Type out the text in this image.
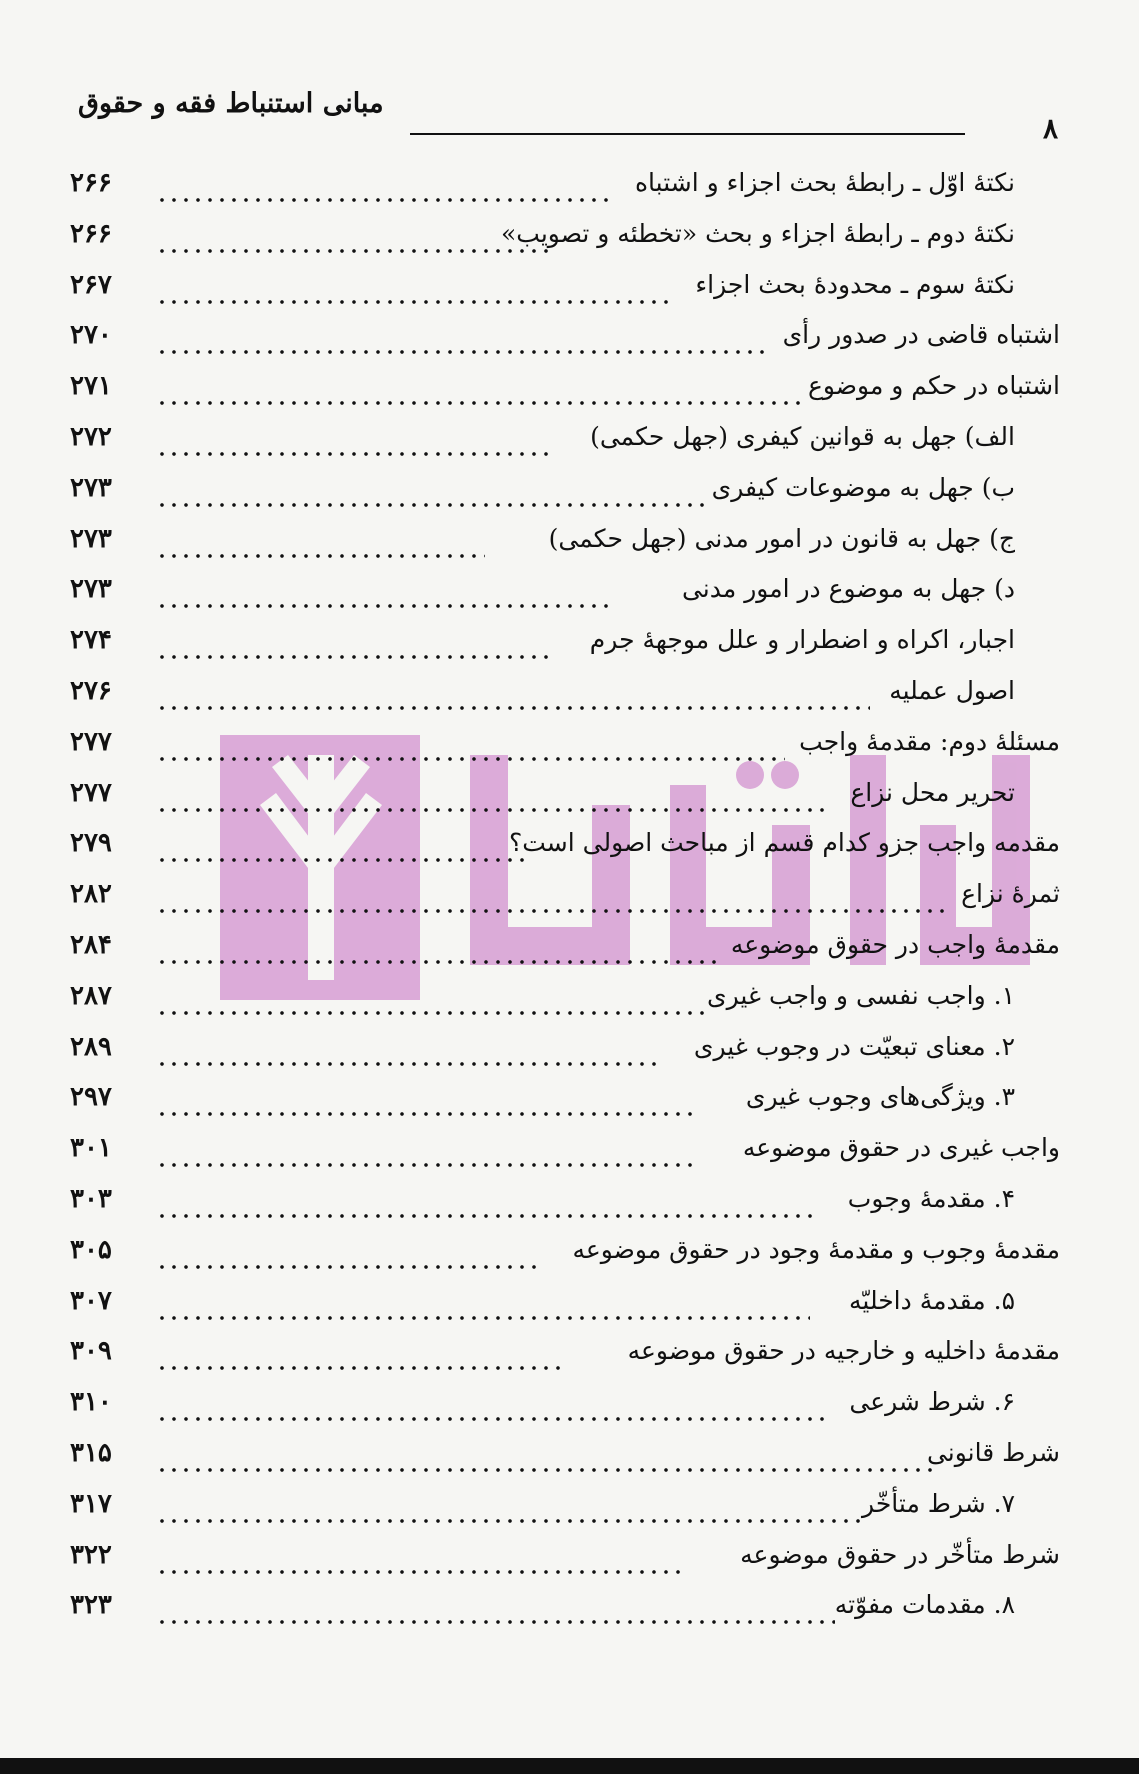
مبانی استنباط فقه و حقوق
۸
۲۶۶	نکتهٔ اوّل ـ رابطهٔ بحث اجزاء و اشتباه
۲۶۶	نکتهٔ دوم ـ رابطهٔ اجزاء و بحث «تخطئه و تصویب»
۲۶۷	نکتهٔ سوم ـ محدودهٔ بحث اجزاء
۲۷۰	اشتباه قاضی در صدور رأی
۲۷۱	اشتباه در حکم و موضوع
۲۷۲	الف) جهل به قوانین کیفری (جهل حکمی)
۲۷۳	ب) جهل به موضوعات کیفری
۲۷۳	ج) جهل به قانون در امور مدنی (جهل حکمی)
۲۷۳	د) جهل به موضوع در امور مدنی
۲۷۴	اجبار، اکراه و اضطرار و علل موجههٔ جرم
۲۷۶	اصول عملیه
۲۷۷	مسئلهٔ دوم: مقدمهٔ واجب
۲۷۷	تحریر محل نزاع
۲۷۹	مقدمه واجب جزو کدام قسم از مباحث اصولی است؟
۲۸۲	ثمرهٔ نزاع
۲۸۴	مقدمهٔ واجب در حقوق موضوعه
۲۸۷	۱. واجب نفسی و واجب غیری
۲۸۹	۲. معنای تبعیّت در وجوب غیری
۲۹۷	۳. ویژگی‌های وجوب غیری
۳۰۱	واجب غیری در حقوق موضوعه
۳۰۳	۴. مقدمهٔ وجوب
۳۰۵	مقدمهٔ وجوب و مقدمهٔ وجود در حقوق موضوعه
۳۰۷	۵. مقدمهٔ داخلیّه
۳۰۹	مقدمهٔ داخلیه و خارجیه در حقوق موضوعه
۳۱۰	۶. شرط شرعی
۳۱۵	شرط قانونی
۳۱۷	۷. شرط متأخّر
۳۲۲	شرط متأخّر در حقوق موضوعه
۳۲۳	۸. مقدمات مفوّته
